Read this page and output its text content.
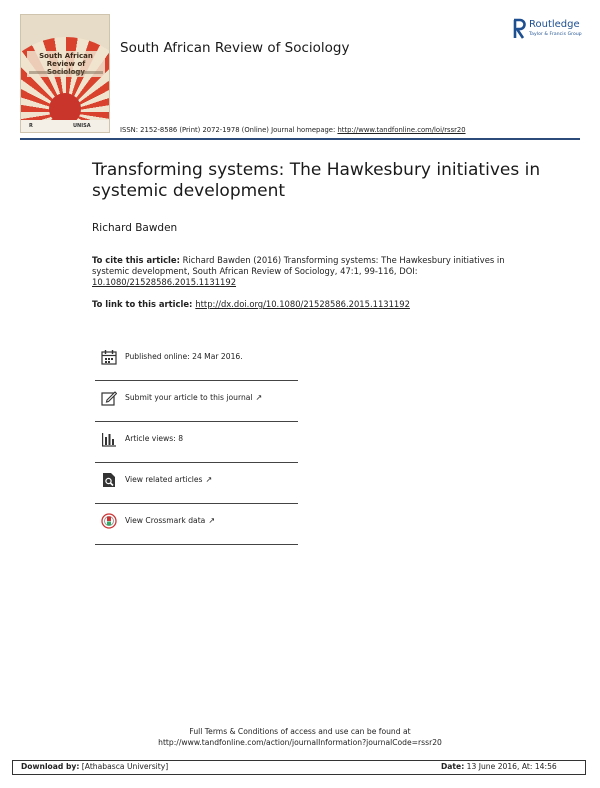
South African Review of
R	UNISA
South African Review of Sociology
Routledge
Taylor & Francis Group
ISSN: 2152-8586 (Print) 2072-1978 (Online) Journal homepage: http://www.tandfonline.com/loi/rssr20
Transforming systems: The Hawkesbury initiatives in systemic development
Richard Bawden
To cite this article: Richard Bawden (2016) Transforming systems: The Hawkesbury initiatives in systemic development, South African Review of Sociology, 47:1, 99-116, DOI: 10.1080/21528586.2015.1131192
To link to this article: http://dx.doi.org/10.1080/21528586.2015.1131192
Published online: 24 Mar 2016.
Submit your article to this journal ↗
Article views: 8
View related articles ↗
View Crossmark data ↗
Full Terms & Conditions of access and use can be found at
http://www.tandfonline.com/action/journalInformation?journalCode=rssr20
Download by: [Athabasca University]	Date: 13 June 2016, At: 14:56
